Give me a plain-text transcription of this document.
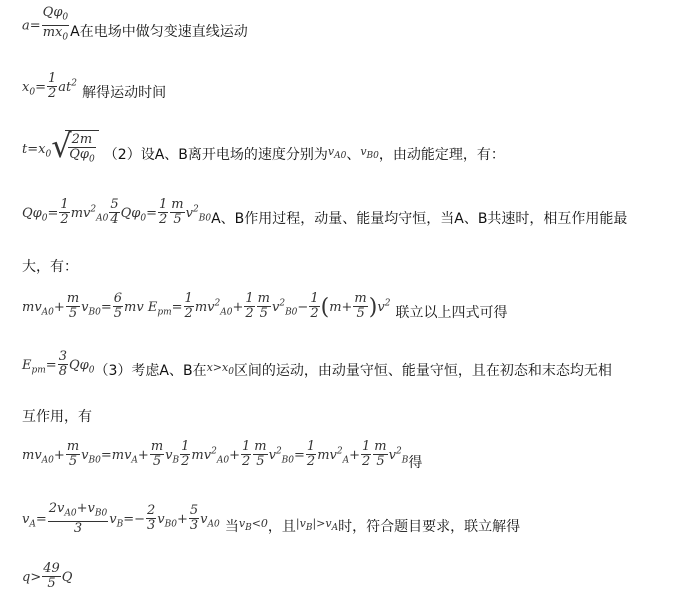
$a= \frac{Q\varphi_0}{mx_0}$ A在电场中做匀变速直线运动
$x_0= \frac{1}{2} at^2$ 解得运动时间
$t=x_0$ √
$\frac{2m}{Q\varphi_0} (2)$设A、B离开电场的速度分别为$v_{A0}$、$v_{B0}$，由动能定理，有：
$Q\varphi_0= \frac{1}{2} mv^2_{A0} \frac{5}{4} Q\varphi_0= \frac{1}{2} \frac{m}{5} v^2_{B0}A$、B作用过程，动量、能量均守恒，当A、B共速时，相互作用能最
大，有：
$mv_{A0}+ \frac{m}{5} v_{B0}= \frac{6}{5}$ mv $E_{pm}= \frac{1}{2} mv^2_{A0}+ \frac{1}{2} \frac{m}{5} v^2_{B0}- \frac{1}{2} (m+ \frac{m}{5} )v^2$ 联立以上四式可得
$E_{pm}= \frac{3}{8} Q\varphi_0(3)$考虑A、B在$x>x_0$区间的运动，由动量守恒、能量守恒，且在初态和末态均无相
互作用，有
$mv_{A0}+ \frac{m}{5} v_{B0}=mv_A+ \frac{m}{5} v_B \frac{1}{2} mv^2_{A0}+ \frac{1}{2} \frac{m}{5} v^2_{B0}= \frac{1}{2} mv^2_A+ \frac{1}{2} \frac{m}{5} v^2_B$得
$v_A= \frac{2v_{A0}+v_{B0}}{3} v_B=- \frac{2}{3} v_{B0}+ \frac{5}{3} v_{A0}$ 当$_{v_B<0}$，且$_{|v_B|>v_A}$时，符合题目要求，联立解得
$q> \frac{49}{5}$ Q
